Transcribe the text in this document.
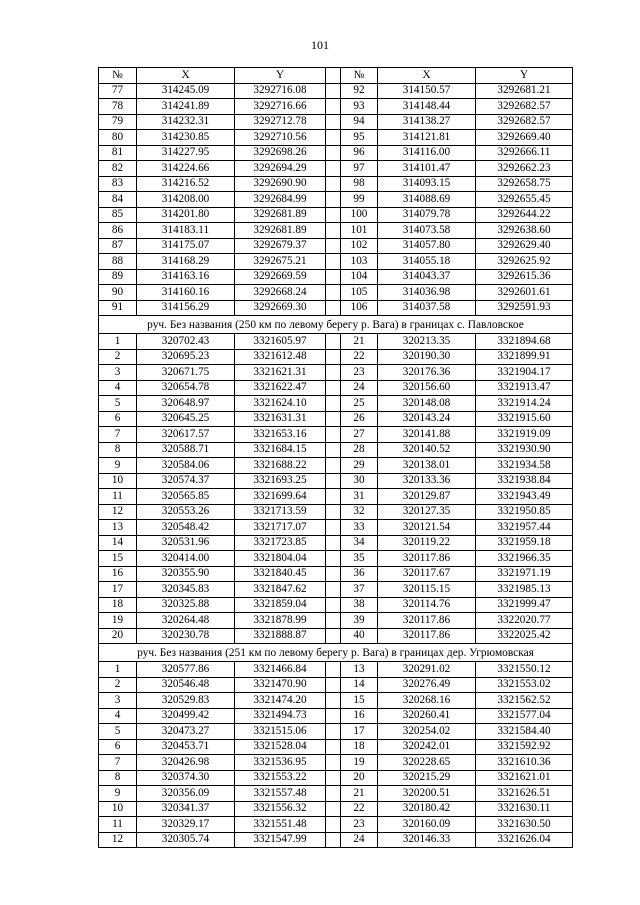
101
№	X	Y		№	X	Y
77	314245.09	3292716.08		92	314150.57	3292681.21
78	314241.89	3292716.66		93	314148.44	3292682.57
79	314232.31	3292712.78		94	314138.27	3292682.57
80	314230.85	3292710.56		95	314121.81	3292669.40
81	314227.95	3292698.26		96	314116.00	3292666.11
82	314224.66	3292694.29		97	314101.47	3292662.23
83	314216.52	3292690.90		98	314093.15	3292658.75
84	314208.00	3292684.99		99	314088.69	3292655.45
85	314201.80	3292681.89		100	314079.78	3292644.22
86	314183.11	3292681.89		101	314073.58	3292638.60
87	314175.07	3292679.37		102	314057.80	3292629.40
88	314168.29	3292675.21		103	314055.18	3292625.92
89	314163.16	3292669.59		104	314043.37	3292615.36
90	314160.16	3292668.24		105	314036.98	3292601.61
91	314156.29	3292669.30		106	314037.58	3292591.93
руч. Без названия (250 км по левому берегу р. Вага) в границах с. Павловское						
1	320702.43	3321605.97		21	320213.35	3321894.68
2	320695.23	3321612.48		22	320190.30	3321899.91
3	320671.75	3321621.31		23	320176.36	3321904.17
4	320654.78	3321622.47		24	320156.60	3321913.47
5	320648.97	3321624.10		25	320148.08	3321914.24
6	320645.25	3321631.31		26	320143.24	3321915.60
7	320617.57	3321653.16		27	320141.88	3321919.09
8	320588.71	3321684.15		28	320140.52	3321930.90
9	320584.06	3321688.22		29	320138.01	3321934.58
10	320574.37	3321693.25		30	320133.36	3321938.84
11	320565.85	3321699.64		31	320129.87	3321943.49
12	320553.26	3321713.59		32	320127.35	3321950.85
13	320548.42	3321717.07		33	320121.54	3321957.44
14	320531.96	3321723.85		34	320119.22	3321959.18
15	320414.00	3321804.04		35	320117.86	3321966.35
16	320355.90	3321840.45		36	320117.67	3321971.19
17	320345.83	3321847.62		37	320115.15	3321985.13
18	320325.88	3321859.04		38	320114.76	3321999.47
19	320264.48	3321878.99		39	320117.86	3322020.77
20	320230.78	3321888.87		40	320117.86	3322025.42
руч. Без названия (251 км по левому берегу р. Вага) в границах дер. Угрюмовская						
1	320577.86	3321466.84		13	320291.02	3321550.12
2	320546.48	3321470.90		14	320276.49	3321553.02
3	320529.83	3321474.20		15	320268.16	3321562.52
4	320499.42	3321494.73		16	320260.41	3321577.04
5	320473.27	3321515.06		17	320254.02	3321584.40
6	320453.71	3321528.04		18	320242.01	3321592.92
7	320426.98	3321536.95		19	320228.65	3321610.36
8	320374.30	3321553.22		20	320215.29	3321621.01
9	320356.09	3321557.48		21	320200.51	3321626.51
10	320341.37	3321556.32		22	320180.42	3321630.11
11	320329.17	3321551.48		23	320160.09	3321630.50
12	320305.74	3321547.99		24	320146.33	3321626.04
